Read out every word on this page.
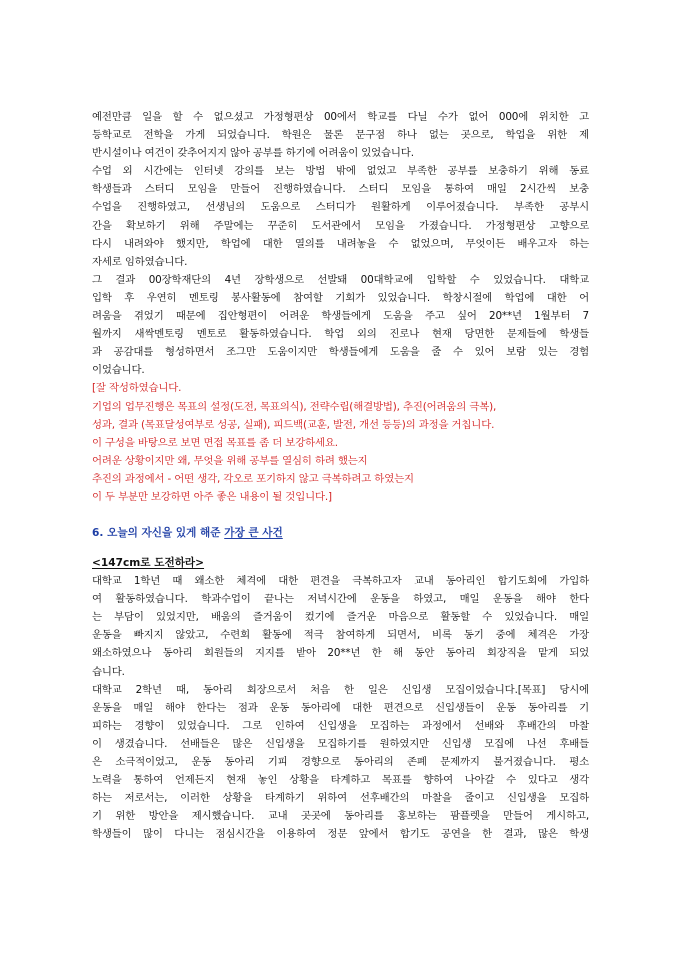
예전만큼 일을 할 수 없으셨고 가정형편상 00에서 학교를 다닐 수가 없어 000에 위치한 고
등학교로 전학을 가게 되었습니다. 학원은 물론 문구점 하나 없는 곳으로, 학업을 위한 제
반시설이나 여건이 갖추어지지 않아 공부를 하기에 어려움이 있었습니다.
수업 외 시간에는 인터넷 강의를 보는 방법 밖에 없었고 부족한 공부를 보충하기 위해 동료
학생들과 스터디 모임을 만들어 진행하였습니다. 스터디 모임을 통하여 매일 2시간씩 보충
수업을 진행하였고, 선생님의 도움으로 스터디가 원활하게 이루어졌습니다. 부족한 공부시
간을 확보하기 위해 주말에는 꾸준히 도서관에서 모임을 가졌습니다. 가정형편상 고향으로
다시 내려와야 했지만, 학업에 대한 열의를 내려놓을 수 없었으며, 무엇이든 배우고자 하는
자세로 임하였습니다.
그 결과 00장학재단의 4년 장학생으로 선발돼 00대학교에 입학할 수 있었습니다. 대학교
입학 후 우연히 멘토링 봉사활동에 참여할 기회가 있었습니다. 학창시절에 학업에 대한 어
려움을 겪었기 때문에 집안형편이 어려운 학생들에게 도움을 주고 싶어 20**년 1월부터 7
월까지 새싹멘토링 멘토로 활동하였습니다. 학업 외의 진로나 현재 당면한 문제들에 학생들
과 공감대를 형성하면서 조그만 도움이지만 학생들에게 도움을 줄 수 있어 보람 있는 경험
이었습니다.
[잘 작성하였습니다.
기업의 업무진행은 목표의 설정(도전, 목표의식), 전략수립(해결방법), 추진(어려움의 극복),
성과, 결과 (목표달성여부로 성공, 실패), 피드백(교훈, 발전, 개선 등등)의 과정을 거칩니다.
이 구성을 바탕으로 보면 면접 목표를 좀 더 보강하세요.
어려운 상황이지만 왜, 무엇을 위해 공부를 열심히 하려 했는지
추진의 과정에서 - 어떤 생각, 각오로 포기하지 않고 극복하려고 하였는지
이 두 부분만 보강하면 아주 좋은 내용이 될 것입니다.]
6. 오늘의 자신을 있게 해준 가장 큰 사건
<147cm로 도전하라>
대학교 1학년 때 왜소한 체격에 대한 편견을 극복하고자 교내 동아리인 합기도회에 가입하
여 활동하였습니다. 학과수업이 끝나는 저녁시간에 운동을 하였고, 매일 운동을 해야 한다
는 부담이 있었지만, 배움의 즐거움이 컸기에 즐거운 마음으로 활동할 수 있었습니다. 매일
운동을 빠지지 않았고, 수련회 활동에 적극 참여하게 되면서, 비록 동기 중에 체격은 가장
왜소하였으나 동아리 회원들의 지지를 받아 20**년 한 해 동안 동아리 회장직을 맡게 되었
습니다.
대학교 2학년 때, 동아리 회장으로서 처음 한 일은 신입생 모집이었습니다.[목표] 당시에
운동을 매일 해야 한다는 점과 운동 동아리에 대한 편견으로 신입생들이 운동 동아리를 기
피하는 경향이 있었습니다. 그로 인하여 신입생을 모집하는 과정에서 선배와 후배간의 마찰
이 생겼습니다. 선배들은 많은 신입생을 모집하기를 원하였지만 신입생 모집에 나선 후배들
은 소극적이었고, 운동 동아리 기피 경향으로 동아리의 존폐 문제까지 불거졌습니다. 평소
노력을 통하여 언제든지 현재 놓인 상황을 타계하고 목표를 향하여 나아갈 수 있다고 생각
하는 저로서는, 이러한 상황을 타계하기 위하여 선후배간의 마찰을 줄이고 신입생을 모집하
기 위한 방안을 제시했습니다. 교내 곳곳에 동아리를 홍보하는 팜플렛을 만들어 게시하고,
학생들이 많이 다니는 점심시간을 이용하여 정문 앞에서 합기도 공연을 한 결과, 많은 학생
